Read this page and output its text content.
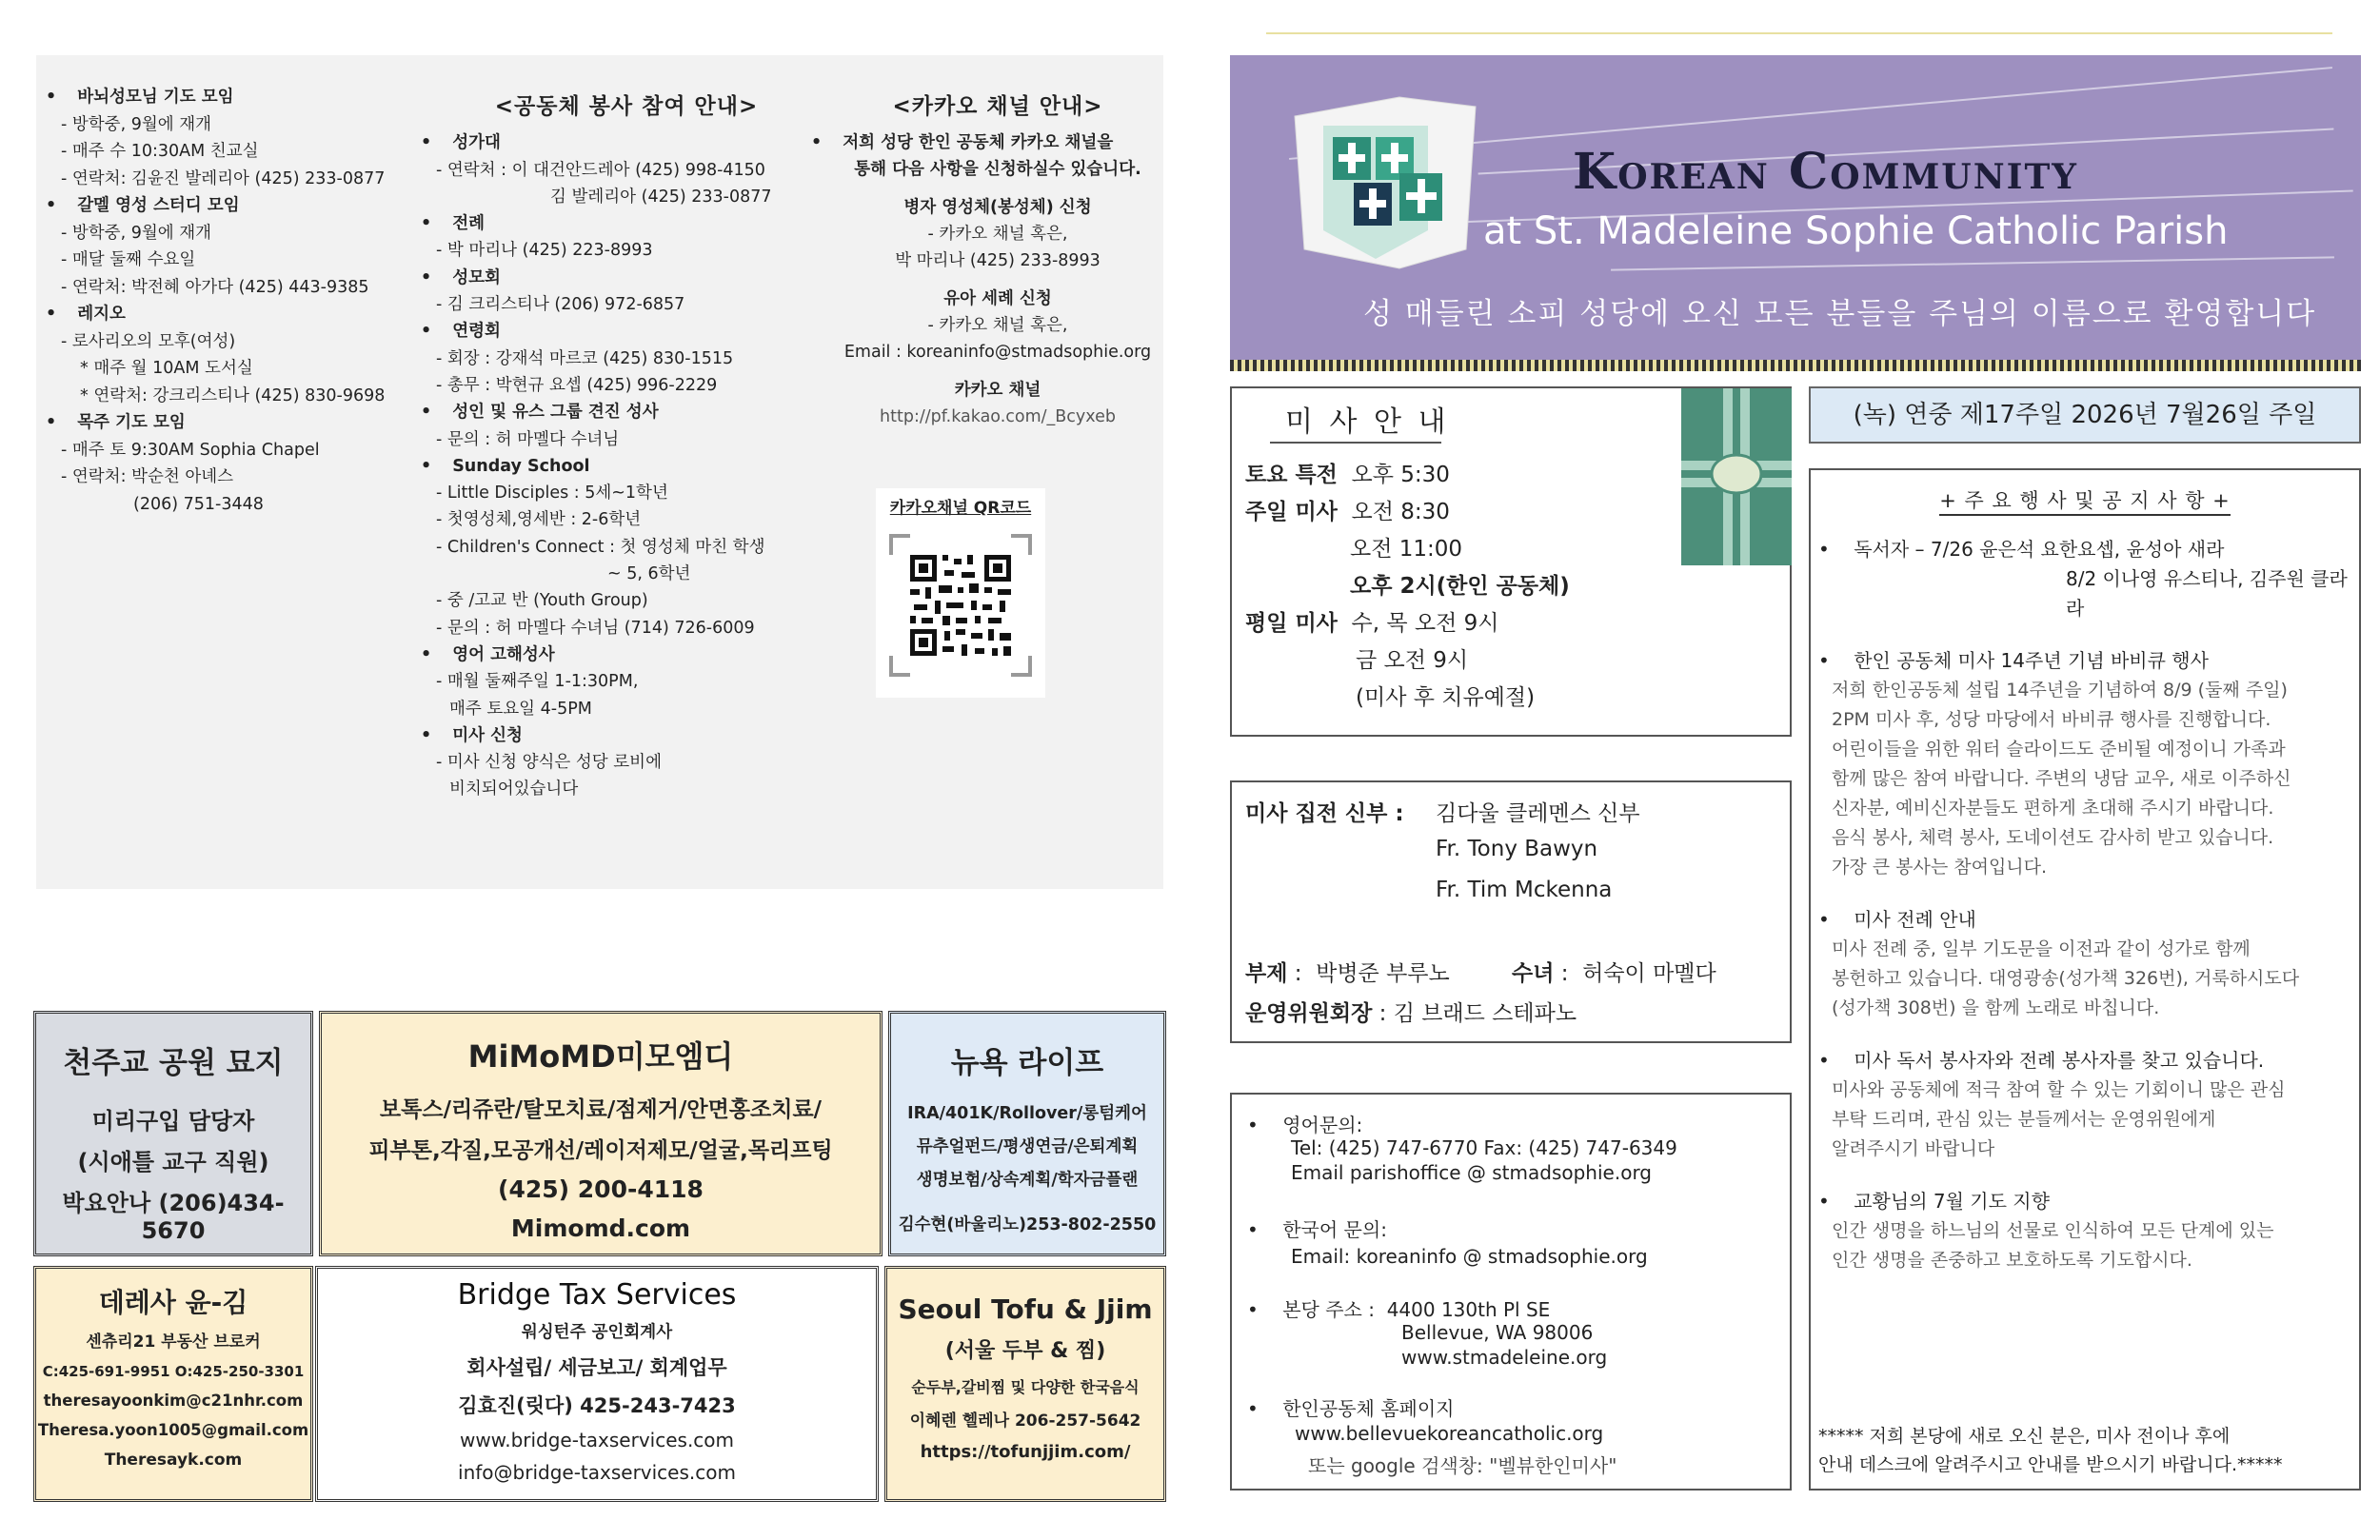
• 바뇌성모님 기도 모임
- 방학중, 9월에 재개
- 매주 수 10:30AM 친교실
- 연락처: 김윤진 발레리아 (425) 233-0877
• 갈멜 영성 스터디 모임
- 방학중, 9월에 재개
- 매달 둘째 수요일
- 연락처: 박전혜 아가다 (425) 443-9385
• 레지오
- 로사리오의 모후(여성)
* 매주 월 10AM 도서실
* 연락처: 강크리스티나 (425) 830-9698
• 목주 기도 모임
- 매주 토 9:30AM Sophia Chapel
- 연락처: 박순천 아녜스
(206) 751-3448
<공동체 봉사 참여 안내>
• 성가대
- 연락처 : 이 대건안드레아 (425) 998-4150
김 발레리아 (425) 233-0877
• 전례
- 박 마리나 (425) 223-8993
• 성모회
- 김 크리스티나 (206) 972-6857
• 연령회
- 회장 : 강재석 마르코 (425) 830-1515
- 총무 : 박현규 요셉 (425) 996-2229
• 성인 및 유스 그룹 견진 성사
- 문의 : 허 마멜다 수녀님
• Sunday School
- Little Disciples : 5세~1학년
- 첫영성체,영세반 : 2-6학년
- Children's Connect : 첫 영성체 마친 학생
~ 5, 6학년
- 중 /고교 반 (Youth Group)
- 문의 : 허 마멜다 수녀님 (714) 726-6009
• 영어 고해성사
- 매월 둘째주일 1-1:30PM,
매주 토요일 4-5PM
• 미사 신청
- 미사 신청 양식은 성당 로비에
비치되어있습니다
<카카오 채널 안내>
• 저희 성당 한인 공동체 카카오 채널을
통해 다음 사항을 신청하실수 있습니다.
병자 영성체(봉성체) 신청
- 카카오 채널 혹은,
박 마리나 (425) 233-8993
유아 세례 신청
- 카카오 채널 혹은,
Email : koreaninfo@stmadsophie.org
카카오 채널
http://pf.kakao.com/_Bcyxeb
카카오채널 QR코드
천주교 공원 묘지
미리구입 담당자
(시애틀 교구 직원)
박요안나 (206)434-5670
MiMoMD미모엠디
보톡스/리쥬란/탈모치료/점제거/안면홍조치료/
피부톤,각질,모공개선/레이저제모/얼굴,목리프팅
(425) 200-4118
Mimomd.com
뉴욕 라이프
IRA/401K/Rollover/롱텀케어
뮤추얼펀드/평생연금/은퇴계획
생명보험/상속계획/학자금플랜
김수현(바울리노)253-802-2550
데레사 윤-김
센츄리21 부동산 브로커
C:425-691-9951 O:425-250-3301
theresayoonkim@c21nhr.com
Theresa.yoon1005@gmail.com
Theresayk.com
Bridge Tax Services
워싱턴주 공인회계사
회사설립/ 세금보고/ 회계업무
김효진(릿다) 425-243-7423
www.bridge-taxservices.com
info@bridge-taxservices.com
Seoul Tofu & Jjim
(서울 두부 & 찜)
순두부,갈비찜 및 다양한 한국음식
이혜렌 헬레나 206-257-5642
https://tofunjjim.com/
Korean Community
at St. Madeleine Sophie Catholic Parish
성 매들린 소피 성당에 오신 모든 분들을 주님의 이름으로 환영합니다
미 사 안 내
토요 특전 오후 5:30
주일 미사 오전 8:30
오전 11:00
오후 2시(한인 공동체)
평일 미사 수, 목 오전 9시
금 오전 9시
(미사 후 치유예절)
(녹) 연중 제17주일 2026년 7월26일 주일
미사 집전 신부 : 김다울 클레멘스 신부
Fr. Tony Bawyn
Fr. Tim Mckenna
부제 :  박병준 부루노	수녀 :  허숙이 마멜다
운영위원회장 : 김 브래드 스테파노
•    영어문의:
Tel: (425) 747-6770 Fax: (425) 747-6349
Email parishoffice @ stmadsophie.org
•    한국어 문의:
Email: koreaninfo @ stmadsophie.org
•    본당 주소 : 4400 130th Pl SE
Bellevue, WA 98006
www.stmadeleine.org
•    한인공동체 홈페이지
www.bellevuekoreancatholic.org
또는 google 검색창: "벨뷰한인미사"
+ 주 요 행 사 및 공 지 사 항 +
•    독서자 – 7/26 윤은석 요한요셉, 윤성아 새라
8/2 이나영 유스티나, 김주원 클라라
•    한인 공동체 미사 14주년 기념 바비큐 행사
저희 한인공동체 설립 14주년을 기념하여 8/9 (둘째 주일)
2PM 미사 후, 성당 마당에서 바비큐 행사를 진행합니다.
어린이들을 위한 워터 슬라이드도 준비될 예정이니 가족과
함께 많은 참여 바랍니다. 주변의 냉담 교우, 새로 이주하신
신자분, 예비신자분들도 편하게 초대해 주시기 바랍니다.
음식 봉사, 체력 봉사, 도네이션도 감사히 받고 있습니다.
가장 큰 봉사는 참여입니다.
•    미사 전례 안내
미사 전례 중, 일부 기도문을 이전과 같이 성가로 함께
봉헌하고 있습니다. 대영광송(성가책 326번), 거룩하시도다
(성가책 308번) 을 함께 노래로 바칩니다.
•    미사 독서 봉사자와 전례 봉사자를 찾고 있습니다.
미사와 공동체에 적극 참여 할 수 있는 기회이니 많은 관심
부탁 드리며, 관심 있는 분들께서는 운영위원에게
알려주시기 바랍니다
•    교황님의 7월 기도 지향
인간 생명을 하느님의 선물로 인식하여 모든 단계에 있는
인간 생명을 존중하고 보호하도록 기도합시다.
***** 저희 본당에 새로 오신 분은, 미사 전이나 후에
안내 데스크에 알려주시고 안내를 받으시기 바랍니다.*****
